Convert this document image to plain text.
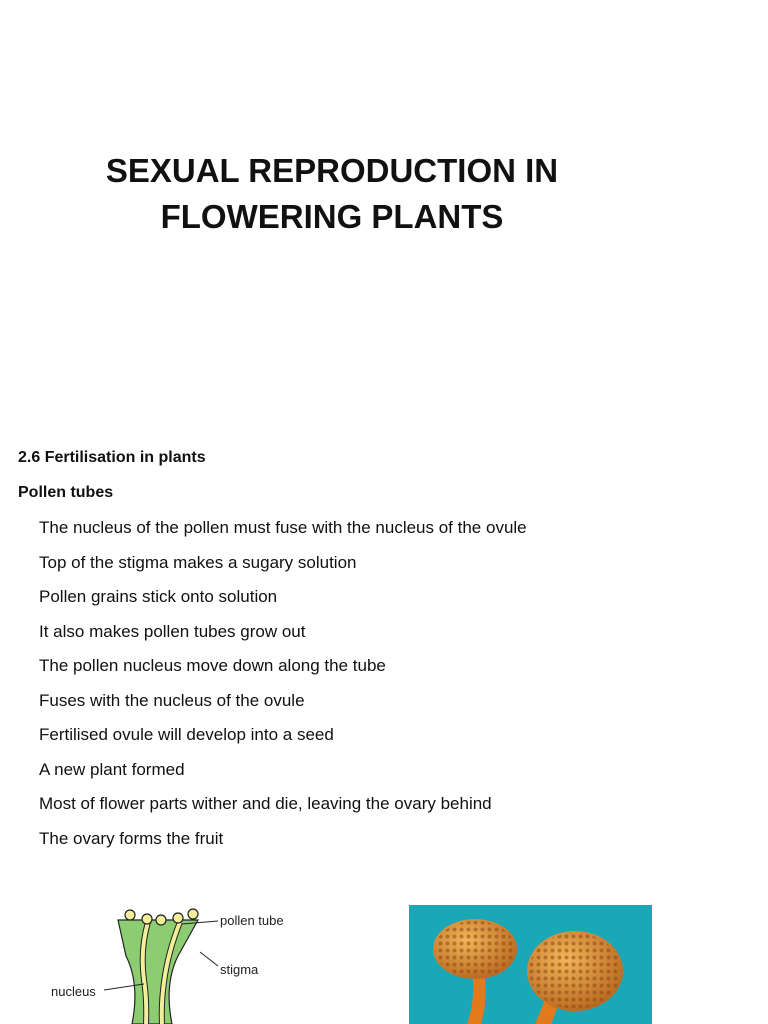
SEXUAL REPRODUCTION IN
FLOWERING PLANTS

2.6 Fertilisation in plants

Pollen tubes

The nucleus of the pollen must fuse with the nucleus of the ovule
Top of the stigma makes a sugary solution
Pollen grains stick onto solution
It also makes pollen tubes grow out
The pollen nucleus move down along the tube
Fuses with the nucleus of the ovule
Fertilised ovule will develop into a seed
A new plant formed
Most of flower parts wither and die, leaving the ovary behind
The ovary forms the fruit
pollen tube
stigma
nucleus
